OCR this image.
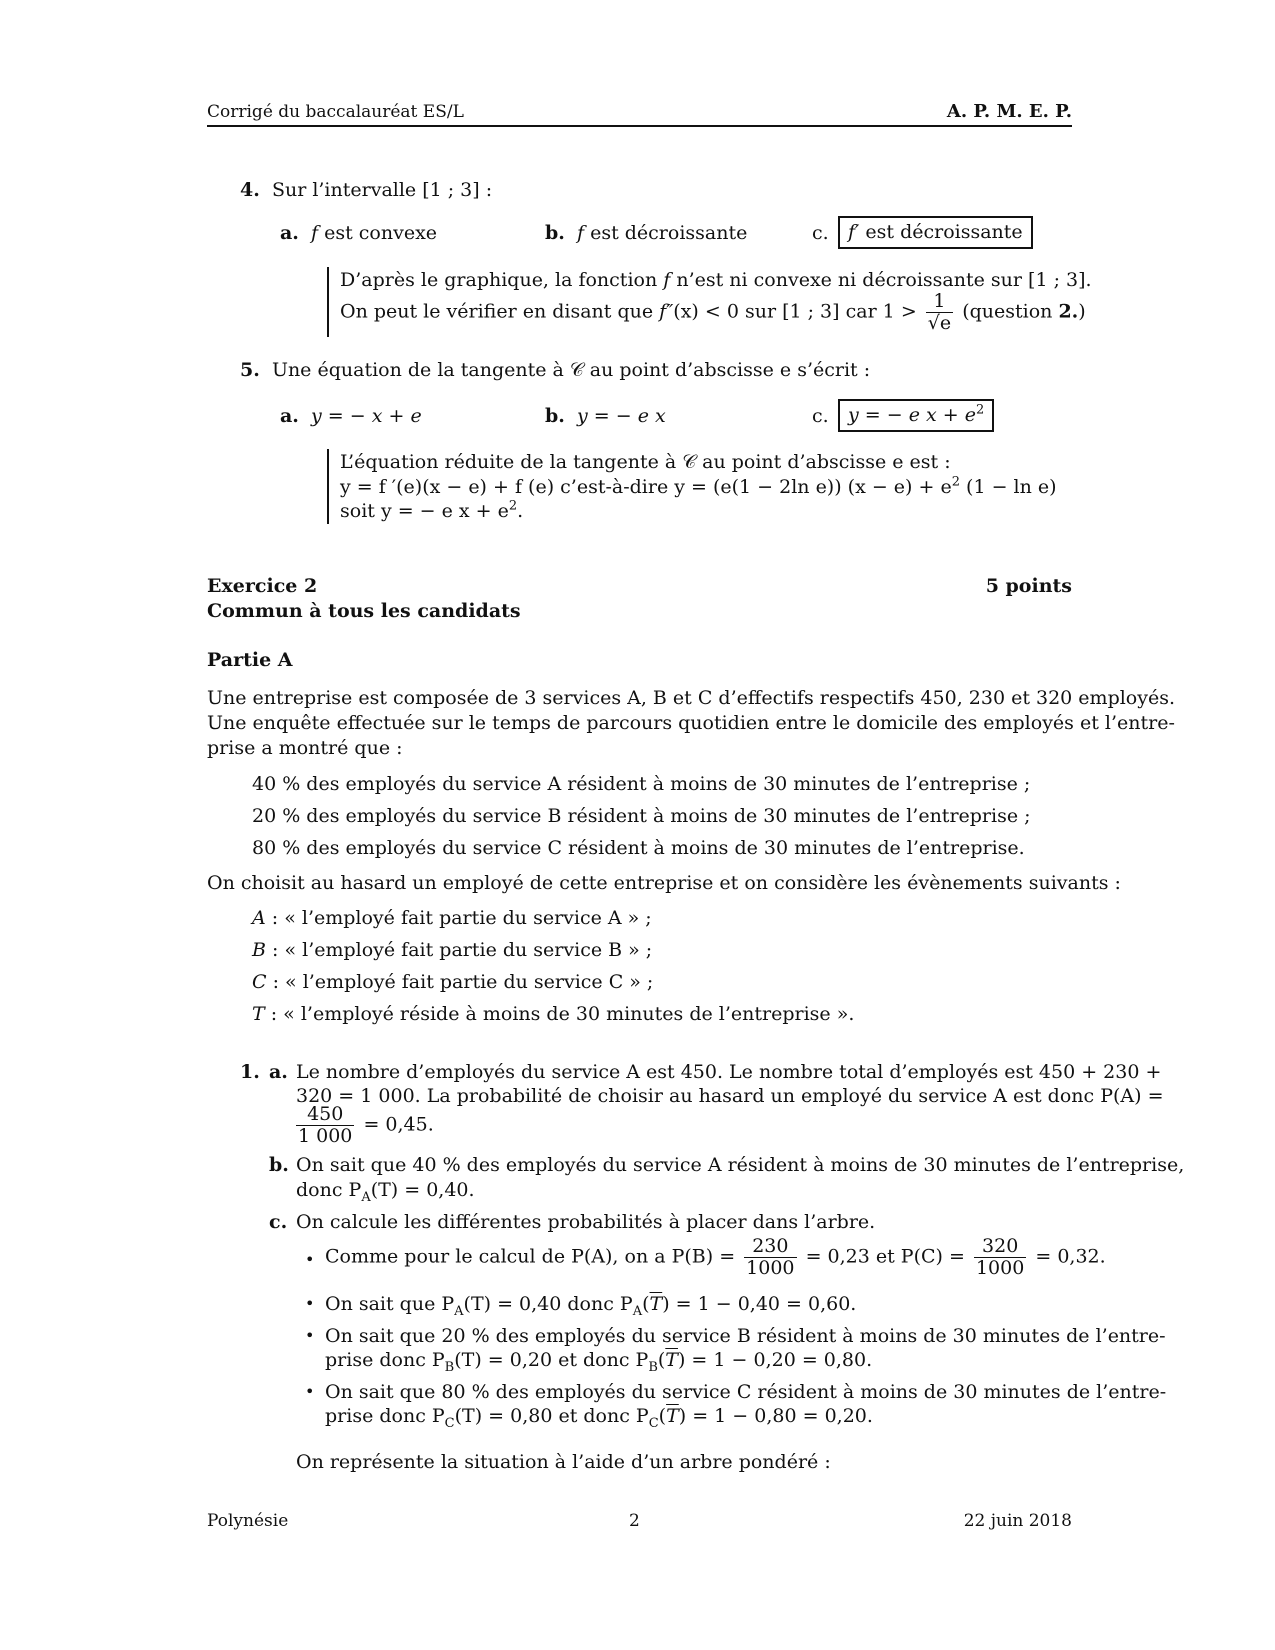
Corrigé du baccalauréat ES/L	A. P. M. E. P.
4. Sur l’intervalle [1 ; 3] :
a. f est convexe	b. f est décroissante	c.	f′ est décroissante
D’après le graphique, la fonction f n’est ni convexe ni décroissante sur [1 ; 3].
On peut le vérifier en disant que f″(x) < 0 sur [1 ; 3] car $1 > \frac{1}{√e}$ (question 2.)
5. Une équation de la tangente à 𝒞 au point d’abscisse e s’écrit :
a. y = − x + e	b. y = − e x	c.	y = − e $x + e^2$
L’équation réduite de la tangente à 𝒞 au point d’abscisse e est :
y = f ′(e)(x − e) + f (e) c’est-à-dire y = (e(1 − 2ln e)) $(x - e) + e^2$ (1 − ln e)
soit y = − e $x + e^2$.
Exercice 2	5 points
Commun à tous les candidats
Partie A
Une entreprise est composée de 3 services A, B et C d’effectifs respectifs 450, 230 et 320 employés.
Une enquête effectuée sur le temps de parcours quotidien entre le domicile des employés et l’entre-
prise a montré que :
40 % des employés du service A résident à moins de 30 minutes de l’entreprise ;
20 % des employés du service B résident à moins de 30 minutes de l’entreprise ;
80 % des employés du service C résident à moins de 30 minutes de l’entreprise.
On choisit au hasard un employé de cette entreprise et on considère les évènements suivants :
A : « l’employé fait partie du service A » ;
B : « l’employé fait partie du service B » ;
C : « l’employé fait partie du service C » ;
T : « l’employé réside à moins de 30 minutes de l’entreprise ».
1. a. Le nombre d’employés du service A est 450. Le nombre total d’employés est 450 + 230 +
320 = 1 000. La probabilité de choisir au hasard un employé du service A est donc P(A) =
$\frac{450}{1 000} = 0,45$.
b. On sait que 40 % des employés du service A résident à moins de 30 minutes de l’entreprise,
donc $P_A(T) = 0,40$.
c. On calcule les différentes probabilités à placer dans l’arbre.
• Comme pour le calcul de P(A), on a $P(B) = \frac{230}{1000} = 0,23$ et $P(C) = \frac{320}{1000} = 0,32$.
• On sait que $P_A(T) = 0,40$ donc $P_A(\overline{T}) = 1 - 0,40 = 0,60$.
• On sait que 20 % des employés du service B résident à moins de 30 minutes de l’entre-
prise donc $P_B(T) = 0,20$ et donc $P_B(\overline{T}) = 1 - 0,20 = 0,80$.
• On sait que 80 % des employés du service C résident à moins de 30 minutes de l’entre-
prise donc $P_C(T) = 0,80$ et donc $P_C(\overline{T}) = 1 - 0,80 = 0,20$.
On représente la situation à l’aide d’un arbre pondéré :
Polynésie	2	22 juin 2018
